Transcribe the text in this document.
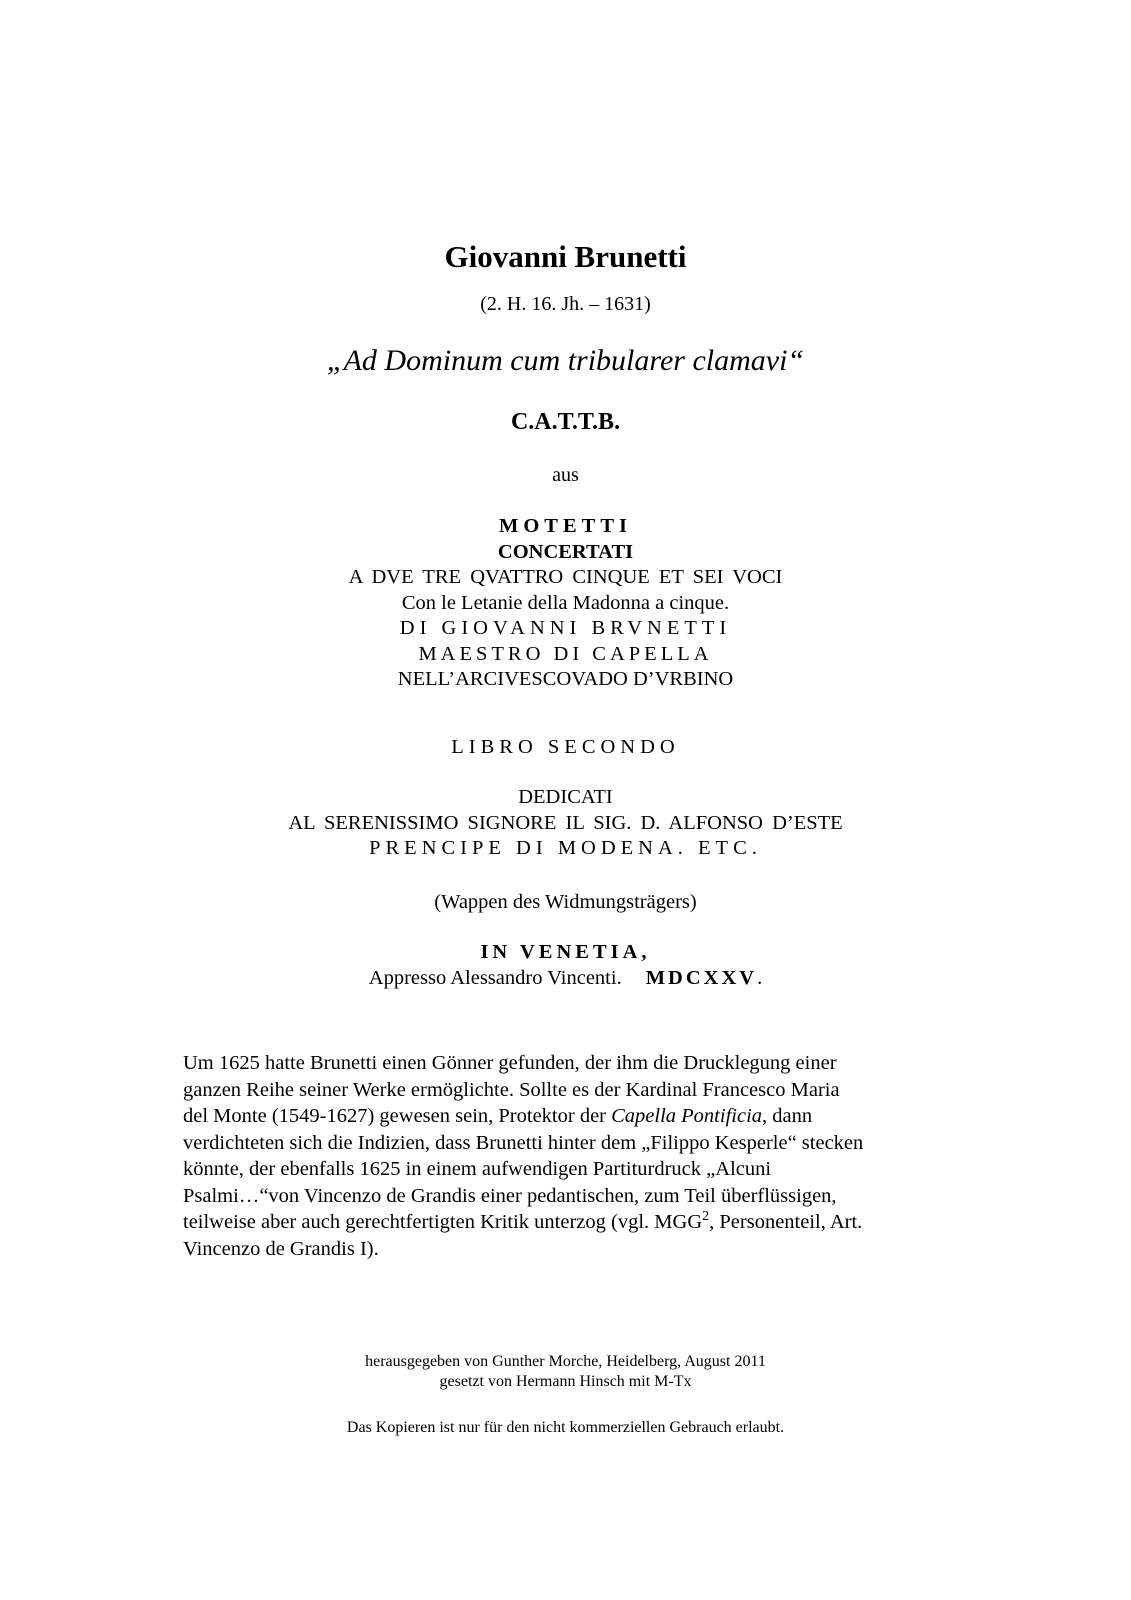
Giovanni Brunetti
(2. H. 16. Jh. – 1631)
„Ad Dominum cum tribularer clamavi“
C.A.T.T.B.
aus
MOTETTI
CONCERTATI
A DVE TRE QVATTRO CINQUE ET SEI VOCI
Con le Letanie della Madonna a cinque.
DI GIOVANNI BRVNETTI
MAESTRO DI CAPELLA
NELL’ARCIVESCOVADO D’VRBINO
LIBRO SECONDO
DEDICATI
AL SERENISSIMO SIGNORE IL SIG. D. ALFONSO D’ESTE
PRENCIPE DI MODENA. ETC.
(Wappen des Widmungsträgers)
IN VENETIA,
Appresso Alessandro Vincenti. MDCXXV.
Um 1625 hatte Brunetti einen Gönner gefunden, der ihm die Drucklegung einer
ganzen Reihe seiner Werke ermöglichte. Sollte es der Kardinal Francesco Maria
del Monte (1549-1627) gewesen sein, Protektor der Capella Pontificia, dann
verdichteten sich die Indizien, dass Brunetti hinter dem „Filippo Kesperle“ stecken
könnte, der ebenfalls 1625 in einem aufwendigen Partiturdruck „Alcuni
Psalmi…“von Vincenzo de Grandis einer pedantischen, zum Teil überflüssigen,
teilweise aber auch gerechtfertigten Kritik unterzog (vgl. MGG$^2$, Personenteil, Art.
Vincenzo de Grandis I).
herausgegeben von Gunther Morche, Heidelberg, August 2011
gesetzt von Hermann Hinsch mit M-Tx
Das Kopieren ist nur für den nicht kommerziellen Gebrauch erlaubt.
